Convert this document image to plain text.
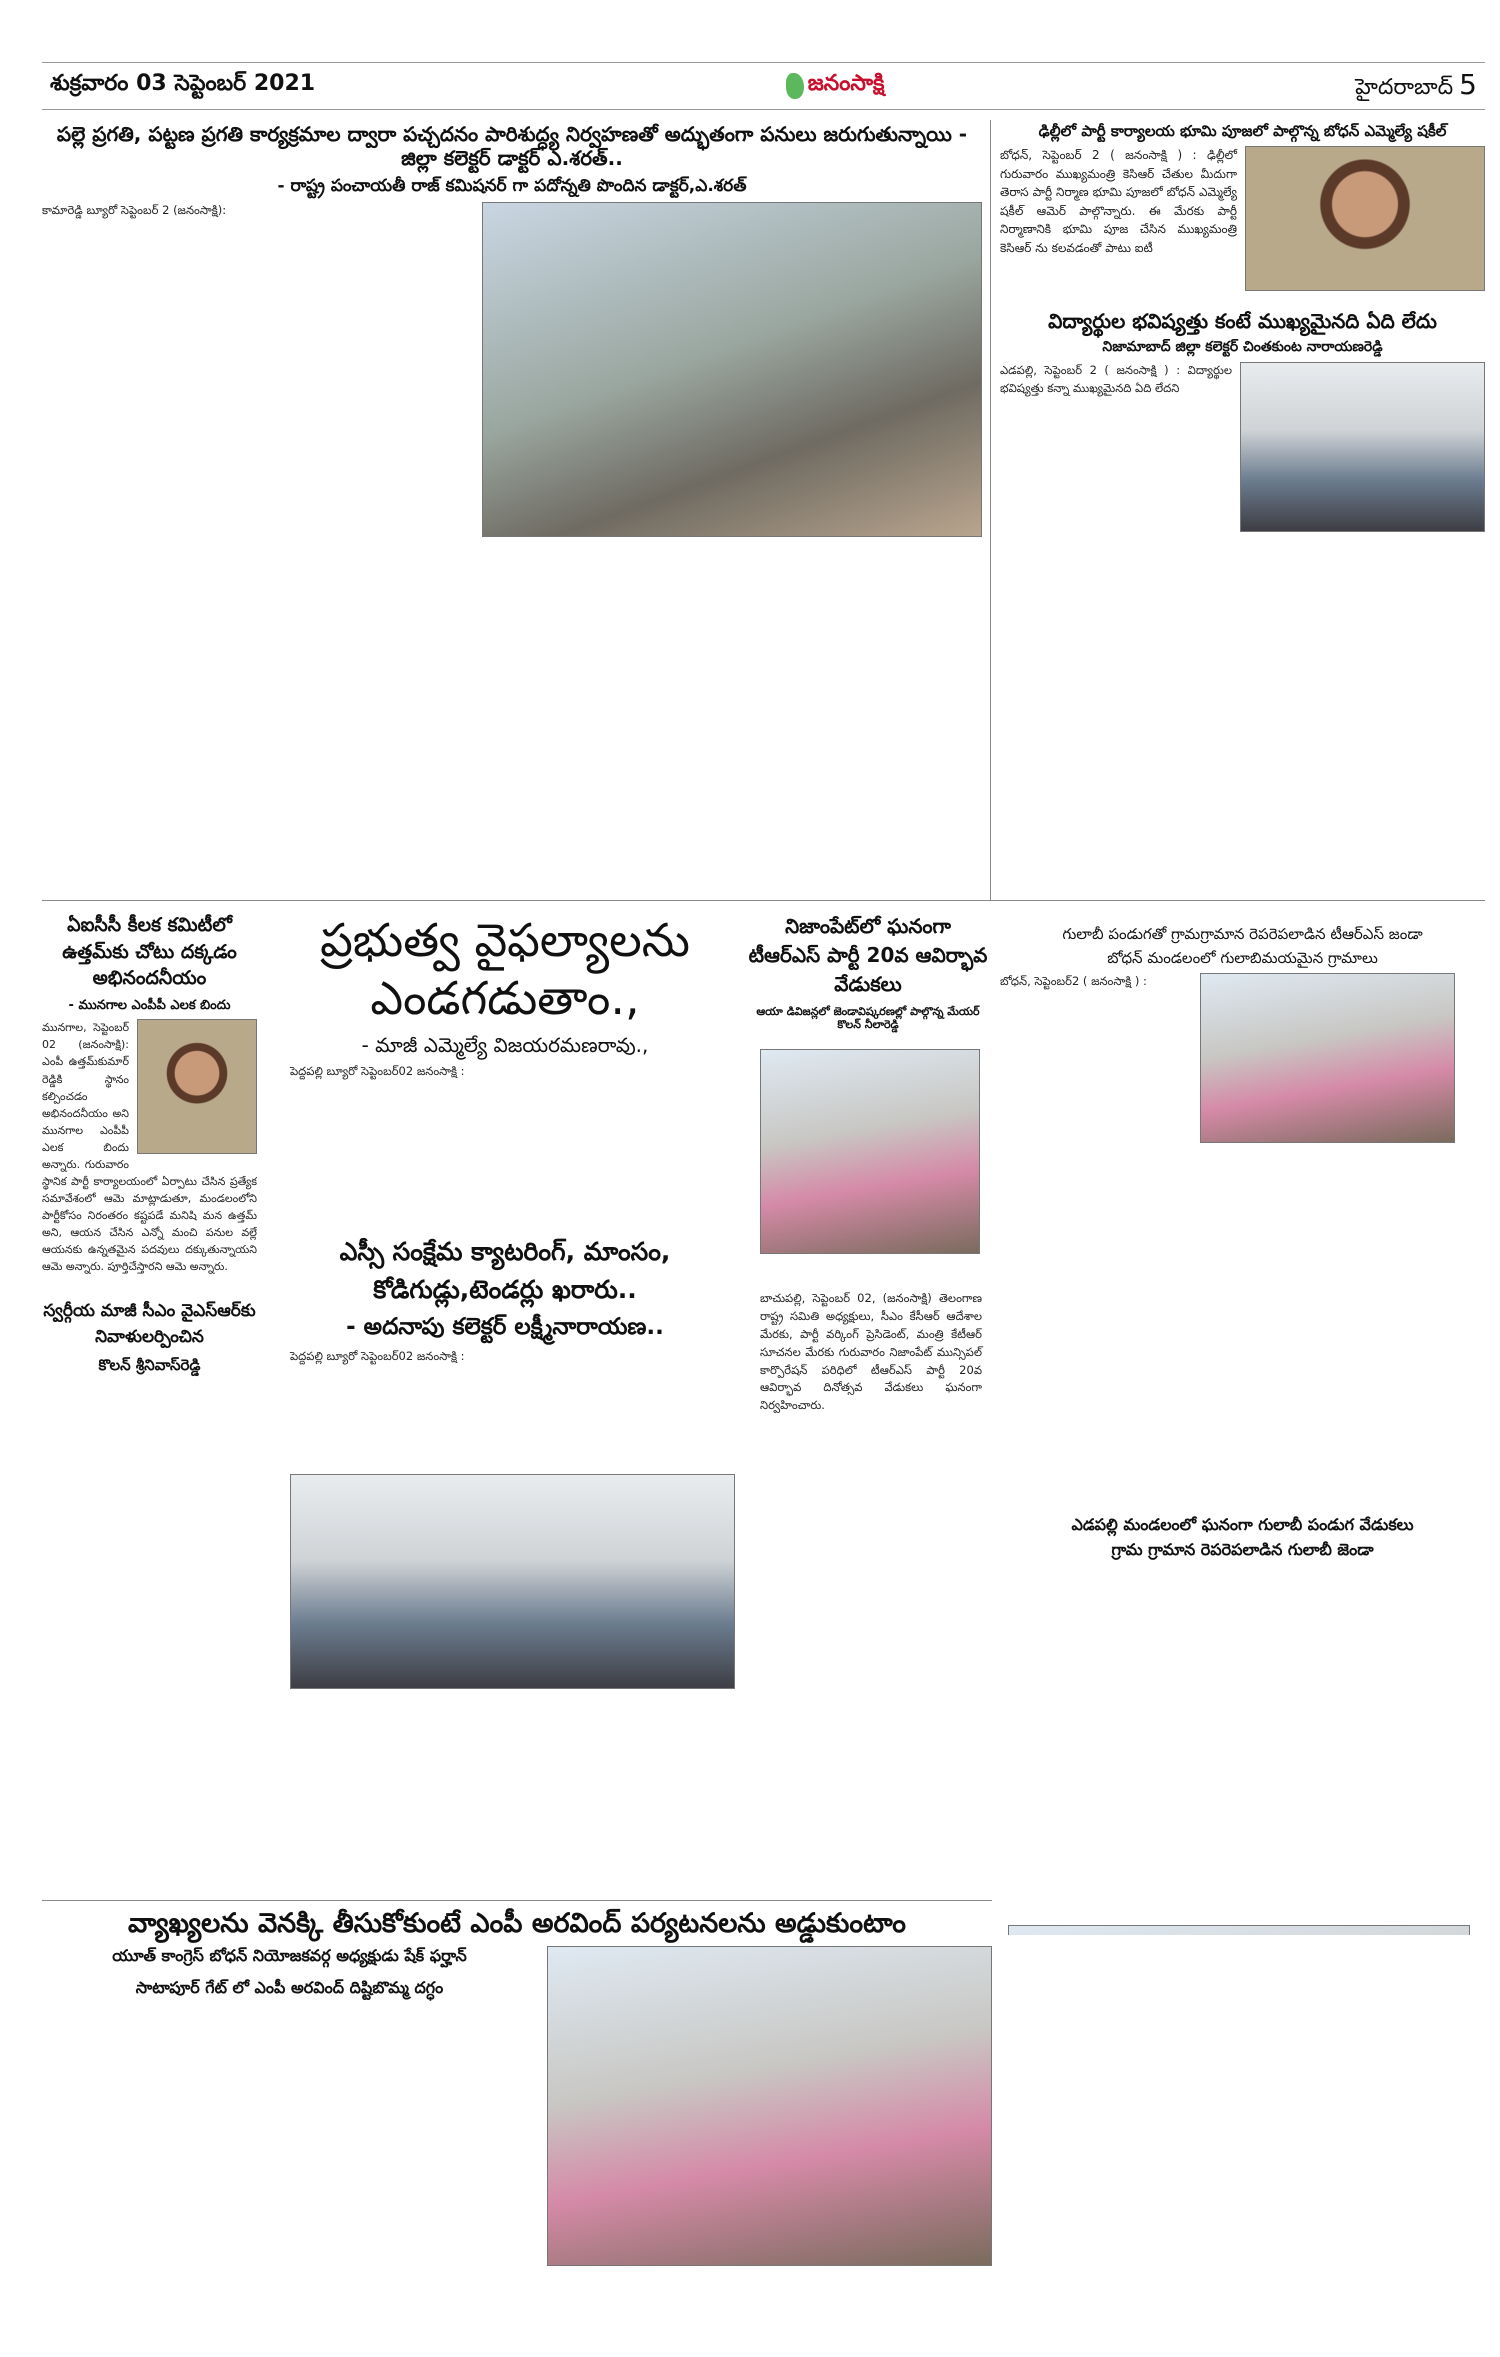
శుక్రవారం 03 సెప్టెంబర్ 2021	జనంసాక్షి	హైదరాబాద్ 5
పల్లె ప్రగతి, పట్టణ ప్రగతి కార్యక్రమాల ద్వారా పచ్చదనం పారిశుద్ధ్య నిర్వహణతో అద్భుతంగా పనులు జరుగుతున్నాయి - జిల్లా కలెక్టర్ డాక్టర్ ఎ.శరత్..
- రాష్ట్ర పంచాయతీ రాజ్ కమిషనర్ గా పదోన్నతి పొందిన డాక్టర్,ఎ.శరత్
కామారెడ్డి బ్యూరో సెప్టెంబర్ 2 (జనంసాక్షి):
ఢిల్లీలో పార్టీ కార్యాలయ భూమి పూజలో పాల్గొన్న బోధన్ ఎమ్మెల్యే షకీల్
బోధన్, సెప్టెంబర్ 2 ( జనంసాక్షి ) : ఢిల్లీలో గురువారం ముఖ్యమంత్రి కెసిఆర్ చేతుల మీదుగా తెరాస పార్టీ నిర్మాణ భూమి పూజలో బోధన్ ఎమ్మెల్యే షకీల్ ఆమెర్ పాల్గొన్నారు. ఈ మేరకు పార్టీ నిర్మాణానికి భూమి పూజ చేసిన ముఖ్యమంత్రి కెసిఆర్ ను కలవడంతో పాటు ఐటీ
విద్యార్థుల భవిష్యత్తు కంటే ముఖ్యమైనది ఏది లేదు
నిజామాబాద్ జిల్లా కలెక్టర్ చింతకుంట నారాయణరెడ్డి
ఎడపల్లి, సెప్టెంబర్ 2 ( జనంసాక్షి ) : విద్యార్థుల భవిష్యత్తు కన్నా ముఖ్యమైనది ఏది లేదని
ఏఐసీసీ కీలక కమిటీలో ఉత్తమ్‌కు చోటు దక్కడం అభినందనీయం
- మునగాల ఎంపీపీ ఎలక బిందు
మునగాల, సెప్టెంబర్ 02 (జనంసాక్షి): ఎంపీ ఉత్తమ్‌కుమార్ రెడ్డికి స్థానం కల్పించడం అభినందనీయం అని మునగాల ఎంపీపీ ఎలక బిందు అన్నారు. గురువారం స్థానిక పార్టీ కార్యాలయంలో ఏర్పాటు చేసిన ప్రత్యేక సమావేశంలో ఆమె మాట్లాడుతూ, మండలంలోని పార్టీకోసం నిరంతరం కష్టపడే మనిషి మన ఉత్తమ్ అని, ఆయన చేసిన ఎన్నో మంచి పనుల వల్లే ఆయనకు ఉన్నతమైన పదవులు దక్కుతున్నాయని ఆమె అన్నారు. పూర్తిచేస్తారని ఆమె అన్నారు.
స్వర్గీయ మాజీ సీఎం వైఎస్ఆర్‌కు నివాళులర్పించిన
కొలన్ శ్రీనివాస్‌రెడ్డి
ప్రభుత్వ వైఫల్యాలను ఎండగడుతాం.,
- మాజీ ఎమ్మెల్యే విజయరమణరావు.,
పెద్దపల్లి బ్యూరో సెప్టెంబర్02 జనంసాక్షి :
ఎస్సీ సంక్షేమ క్యాటరింగ్, మాంసం, కోడిగుడ్లు,టెండర్లు ఖరారు..
- అదనాపు కలెక్టర్ లక్ష్మీనారాయణ..
పెద్దపల్లి బ్యూరో సెప్టెంబర్02 జనంసాక్షి :
నిజాంపేట్‌లో ఘనంగా టీఆర్ఎస్ పార్టీ 20వ ఆవిర్భావ వేడుకలు
ఆయా డివిజన్లలో జెండావిష్కరణల్లో పాల్గొన్న మేయర్ కొలన్ నీలారెడ్డి
బాచుపల్లి, సెప్టెంబర్ 02, (జనంసాక్షి) తెలంగాణ రాష్ట్ర సమితి అధ్యక్షులు, సీఎం కేసీఆర్ ఆదేశాల మేరకు, పార్టీ వర్కింగ్ ప్రెసిడెంట్, మంత్రి కేటీఆర్ సూచనల మేరకు గురువారం నిజాంపేట్ మున్సిపల్ కార్పొరేషన్ పరిధిలో టీఆర్ఎస్ పార్టీ 20వ ఆవిర్భావ దినోత్సవ వేడుకలు ఘనంగా నిర్వహించారు.
గులాబీ పండుగతో గ్రామగ్రామాన రెపరెపలాడిన టీఆర్ఎస్ జండా
బోధన్ మండలంలో గులాబిమయమైన గ్రామాలు
బోధన్, సెప్టెంబర్2 ( జనంసాక్షి ) :
ఎడపల్లి మండలంలో ఘనంగా గులాబీ పండుగ వేడుకలు
గ్రామ గ్రామాన రెపరెపలాడిన గులాబీ జెండా
వ్యాఖ్యలను వెనక్కి తీసుకోకుంటే ఎంపీ అరవింద్ పర్యటనలను అడ్డుకుంటాం
యూత్ కాంగ్రెస్ బోధన్ నియోజకవర్గ అధ్యక్షుడు షేక్ ఫర్హాన్
సాటాపూర్ గేట్ లో ఎంపీ అరవింద్ దిష్టిబొమ్మ దగ్ధం
